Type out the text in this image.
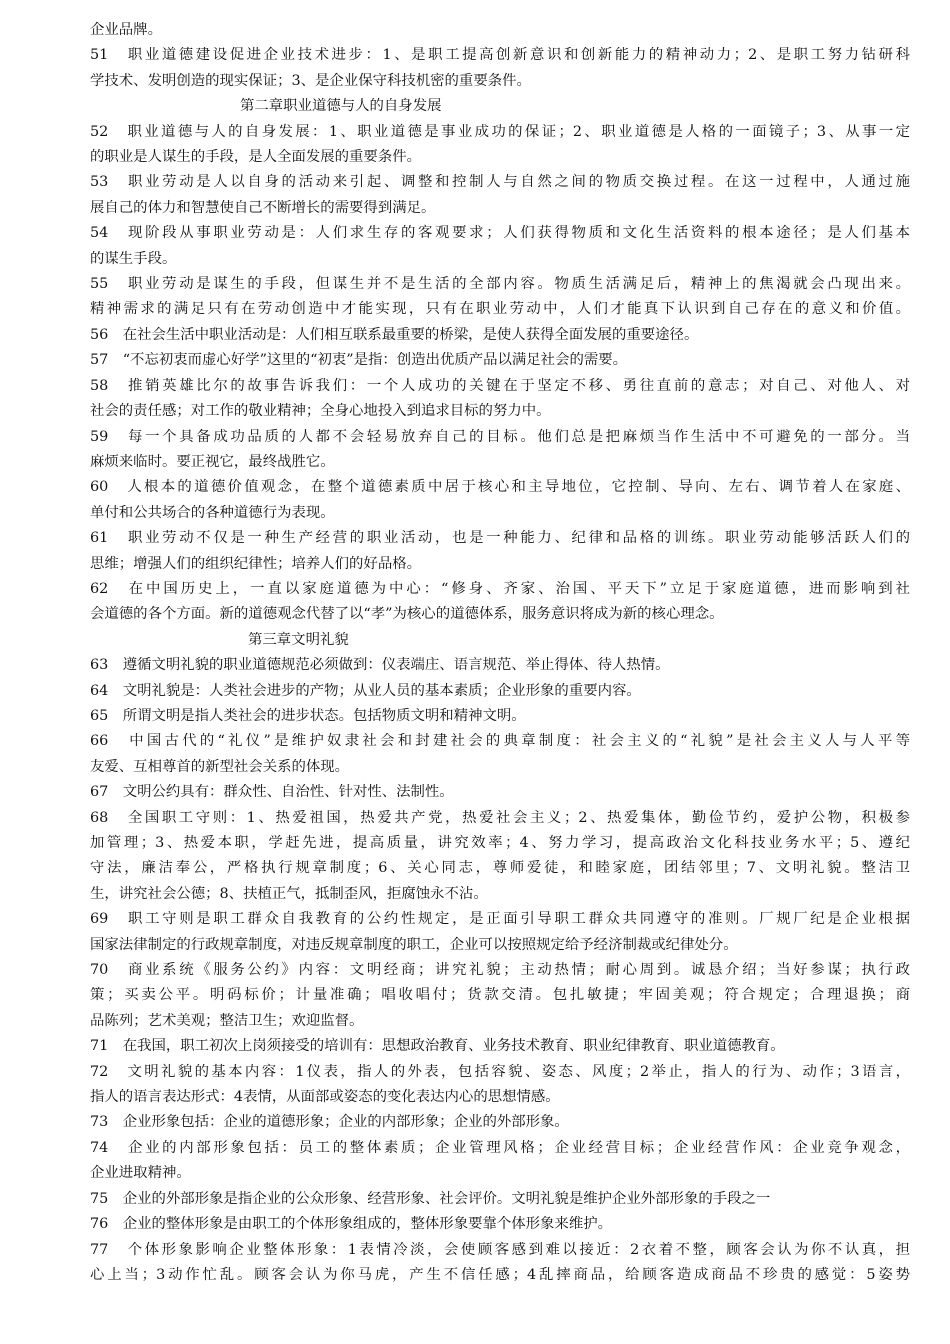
企业品牌。
51　职业道德建设促进企业技术进步：1、是职工提高创新意识和创新能力的精神动力；2、是职工努力钻研科
学技术、发明创造的现实保证；3、是企业保守科技机密的重要条件。
第二章职业道德与人的自身发展
52　职业道德与人的自身发展：1、职业道德是事业成功的保证；2、职业道德是人格的一面镜子；3、从事一定
的职业是人谋生的手段，是人全面发展的重要条件。
53　职业劳动是人以自身的活动来引起、调整和控制人与自然之间的物质交换过程。在这一过程中，人通过施
展自己的体力和智慧使自己不断增长的需要得到满足。
54　现阶段从事职业劳动是：人们求生存的客观要求；人们获得物质和文化生活资料的根本途径；是人们基本
的谋生手段。
55　职业劳动是谋生的手段，但谋生并不是生活的全部内容。物质生活满足后，精神上的焦渴就会凸现出来。
精神需求的满足只有在劳动创造中才能实现，只有在职业劳动中，人们才能真下认识到自己存在的意义和价值。
56　在社会生活中职业活动是：人们相互联系最重要的桥梁，是使人获得全面发展的重要途径。
57　“不忘初衷而虚心好学”这里的“初衷”是指：创造出优质产品以满足社会的需要。
58　推销英雄比尔的故事告诉我们：一个人成功的关键在于坚定不移、勇往直前的意志；对自己、对他人、对
社会的责任感；对工作的敬业精神；全身心地投入到追求目标的努力中。
59　每一个具备成功品质的人都不会轻易放弃自己的目标。他们总是把麻烦当作生活中不可避免的一部分。当
麻烦来临时。要正视它，最终战胜它。
60　人根本的道德价值观念，在整个道德素质中居于核心和主导地位，它控制、导向、左右、调节着人在家庭、
单付和公共场合的各种道德行为表现。
61　职业劳动不仅是一种生产经营的职业活动，也是一种能力、纪律和品格的训练。职业劳动能够活跃人们的
思维；增强人们的组织纪律性；培养人们的好品格。
62　在中国历史上，一直以家庭道德为中心：“修身、齐家、治国、平天下”立足于家庭道德，进而影响到社
会道德的各个方面。新的道德观念代替了以“孝”为核心的道德体系，服务意识将成为新的核心理念。
第三章文明礼貌
63　遵循文明礼貌的职业道德规范必须做到：仪表端庄、语言规范、举止得体、待人热情。
64　文明礼貌是：人类社会进步的产物；从业人员的基本素质；企业形象的重要内容。
65　所谓文明是指人类社会的进步状态。包括物质文明和精神文明。
66　中国古代的“礼仪”是维护奴隶社会和封建社会的典章制度：社会主义的“礼貌”是社会主义人与人平等
友爱、互相尊首的新型社会关系的体现。
67　文明公约具有：群众性、自治性、针对性、法制性。
68　全国职工守则：1、热爱祖国，热爱共产党，热爱社会主义；2、热爱集体，勤俭节约，爱护公物，积极参
加管理；3、热爱本职，学赶先进，提高质量，讲究效率；4、努力学习，提高政治文化科技业务水平；5、遵纪
守法，廉洁奉公，严格执行规章制度；6、关心同志，尊师爱徒，和睦家庭，团结邻里；7、文明礼貌。整洁卫
生，讲究社会公德；8、扶植正气，抵制歪风，拒腐蚀永不沾。
69　职工守则是职工群众自我教育的公约性规定，是正面引导职工群众共同遵守的准则。厂规厂纪是企业根据
国家法律制定的行政规章制度，对违反规章制度的职工，企业可以按照规定给予经济制裁或纪律处分。
70　商业系统《服务公约》内容：文明经商；讲究礼貌；主动热情；耐心周到。诚恳介绍；当好参谋；执行政
策；买卖公平。明码标价；计量准确；唱收唱付；货款交清。包扎敏捷；牢固美观；符合规定；合理退换；商
品陈列；艺术美观；整洁卫生；欢迎监督。
71　在我国，职工初次上岗须接受的培训有：思想政治教育、业务技术教育、职业纪律教育、职业道德教育。
72　文明礼貌的基本内容：1仪表，指人的外表，包括容貌、姿态、风度；2举止，指人的行为、动作；3语言，
指人的语言表达形式：4表情，从面部或姿态的变化表达内心的思想情感。
73　企业形象包括：企业的道德形象；企业的内部形象；企业的外部形象。
74　企业的内部形象包括：员工的整体素质；企业管理风格；企业经营目标；企业经营作风：企业竞争观念，
企业进取精神。
75　企业的外部形象是指企业的公众形象、经营形象、社会评价。文明礼貌是维护企业外部形象的手段之一
76　企业的整体形象是由职工的个体形象组成的，整体形象要靠个体形象来维护。
77　个体形象影响企业整体形象：1表情冷淡，会使顾客感到难以接近：2衣着不整，顾客会认为你不认真，担
心上当；3动作忙乱。顾客会认为你马虎，产生不信任感；4乱摔商品，给顾客造成商品不珍贵的感觉：5姿势
